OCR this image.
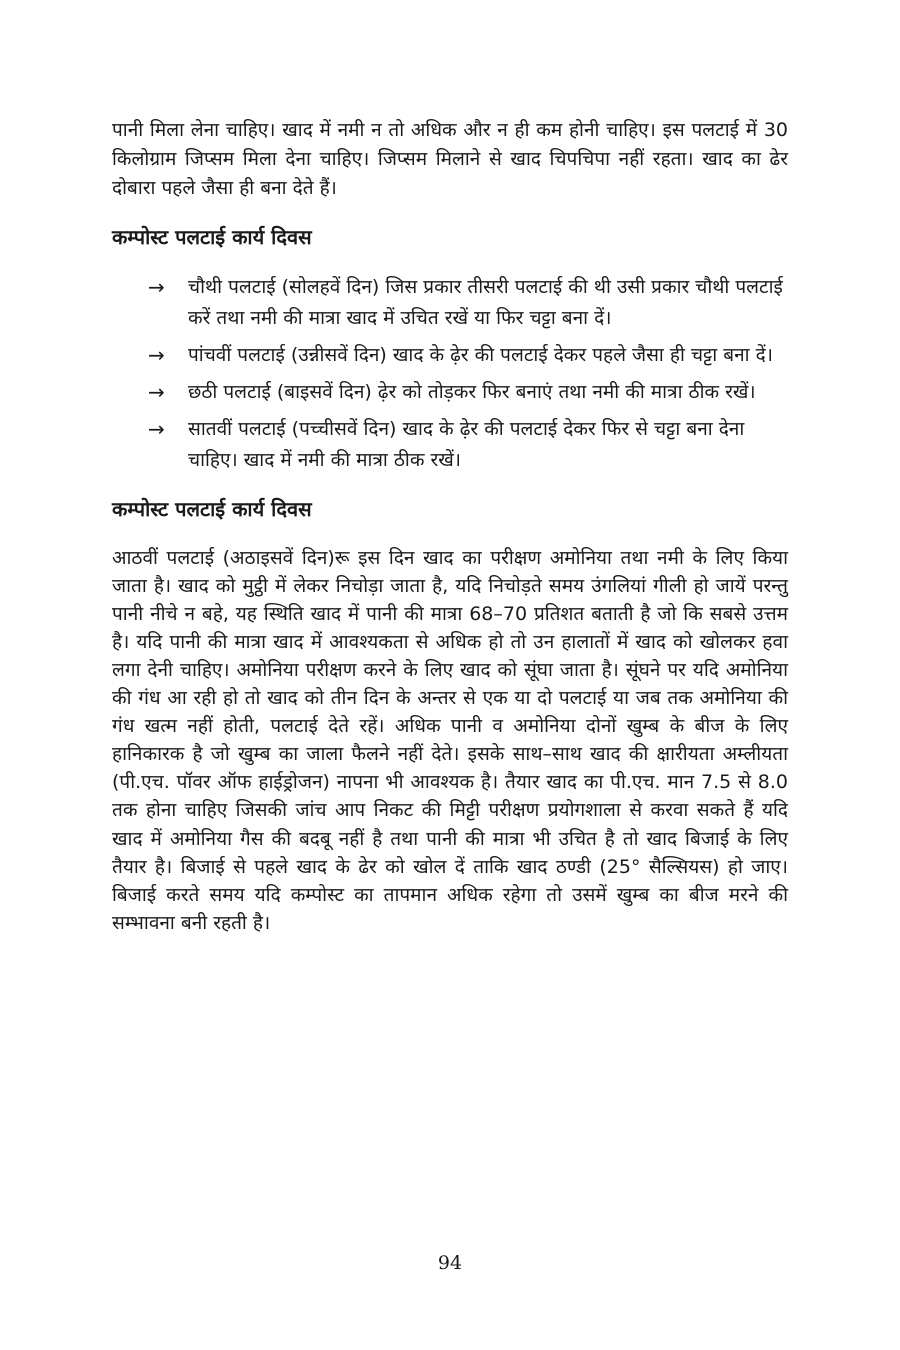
पानी मिला लेना चाहिए। खाद में नमी न तो अधिक और न ही कम होनी चाहिए। इस पलटाई में 30 किलोग्राम जिप्सम मिला देना चाहिए। जिप्सम मिलाने से खाद चिपचिपा नहीं रहता। खाद का ढेर दोबारा पहले जैसा ही बना देते हैं।

कम्पोस्ट पलटाई कार्य दिवस
→ चौथी पलटाई (सोलहवें दिन) जिस प्रकार तीसरी पलटाई की थी उसी प्रकार चौथी पलटाई करें तथा नमी की मात्रा खाद में उचित रखें या फिर चट्टा बना दें।
→ पांचवीं पलटाई (उन्नीसवें दिन) खाद के ढ़ेर की पलटाई देकर पहले जैसा ही चट्टा बना दें।
→ छठी पलटाई (बाइसवें दिन) ढ़ेर को तोड़कर फिर बनाएं तथा नमी की मात्रा ठीक रखें।
→ सातवीं पलटाई (पच्चीसवें दिन) खाद के ढ़ेर की पलटाई देकर फिर से चट्टा बना देना चाहिए। खाद में नमी की मात्रा ठीक रखें।
कम्पोस्ट पलटाई कार्य दिवस

आठवीं पलटाई (अठाइसवें दिन)रू इस दिन खाद का परीक्षण अमोनिया तथा नमी के लिए किया जाता है। खाद को मुट्ठी में लेकर निचोड़ा जाता है, यदि निचोड़ते समय उंगलियां गीली हो जायें परन्तु पानी नीचे न बहे, यह स्थिति खाद में पानी की मात्रा 68–70 प्रतिशत बताती है जो कि सबसे उत्तम है। यदि पानी की मात्रा खाद में आवश्यकता से अधिक हो तो उन हालातों में खाद को खोलकर हवा लगा देनी चाहिए। अमोनिया परीक्षण करने के लिए खाद को सूंघा जाता है। सूंघने पर यदि अमोनिया की गंध आ रही हो तो खाद को तीन दिन के अन्तर से एक या दो पलटाई या जब तक अमोनिया की गंध खत्म नहीं होती, पलटाई देते रहें। अधिक पानी व अमोनिया दोनों खुम्ब के बीज के लिए हानिकारक है जो खुम्ब का जाला फैलने नहीं देते। इसके साथ–साथ खाद की क्षारीयता अम्लीयता (पी.एच. पॉवर ऑफ हाईड्रोजन) नापना भी आवश्यक है। तैयार खाद का पी.एच. मान 7.5 से 8.0 तक होना चाहिए जिसकी जांच आप निकट की मिट्टी परीक्षण प्रयोगशाला से करवा सकते हैं यदि खाद में अमोनिया गैस की बदबू नहीं है तथा पानी की मात्रा भी उचित है तो खाद बिजाई के लिए तैयार है। बिजाई से पहले खाद के ढेर को खोल दें ताकि खाद ठण्डी (25° सैल्सियस) हो जाए। बिजाई करते समय यदि कम्पोस्ट का तापमान अधिक रहेगा तो उसमें खुम्ब का बीज मरने की सम्भावना बनी रहती है।

94
